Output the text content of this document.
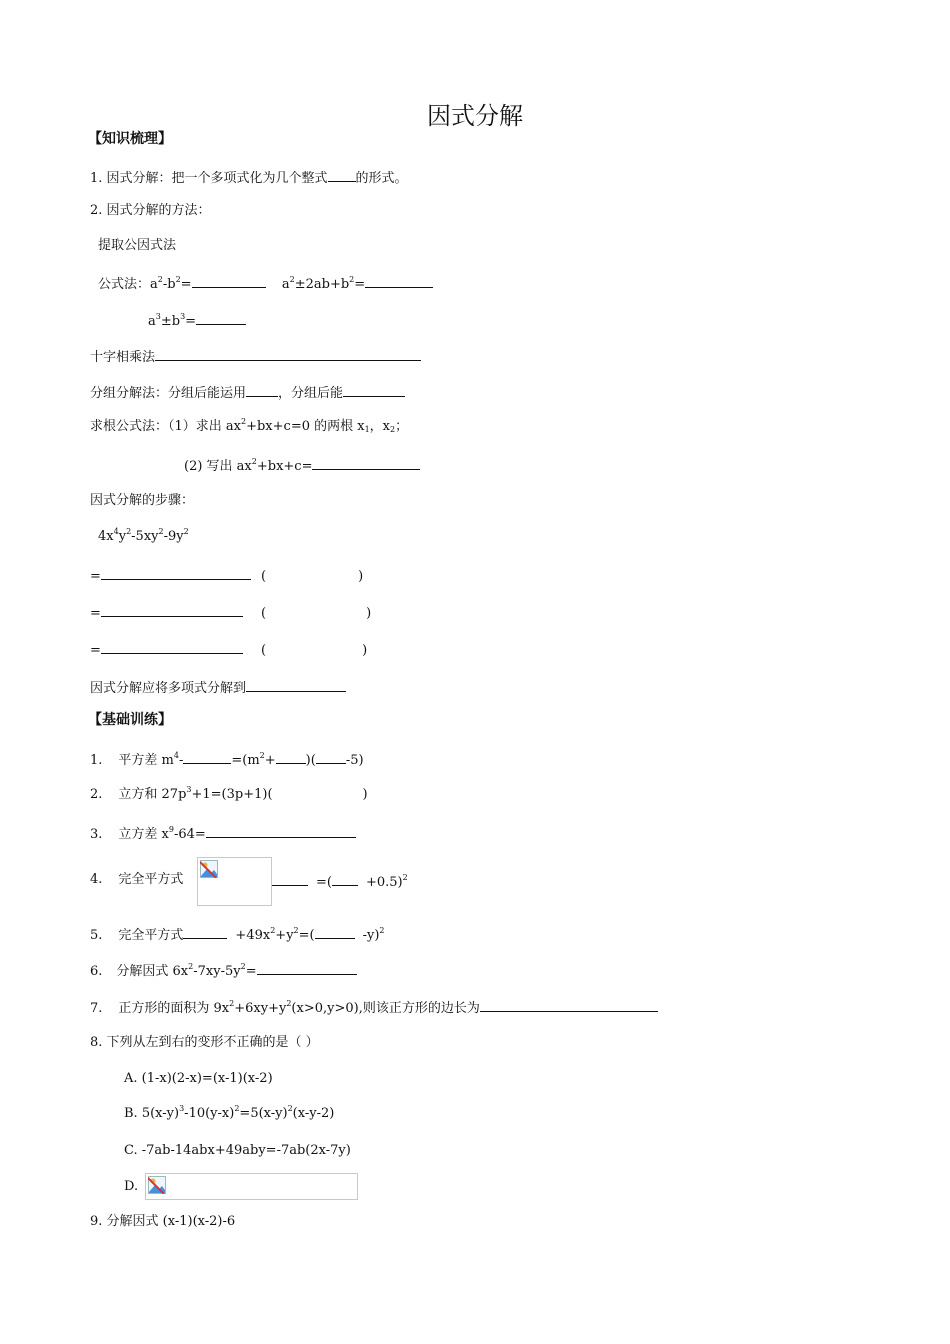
因式分解
【知识梳理】
1. 因式分解：把一个多项式化为几个整式 的形式。
2. 因式分解的方法：
提取公因式法
公式法：$a^2-b^2=$	$a^2\pm 2ab+b^2=$
$a^3\pm b^3=$
十字相乘法
分组分解法：分组后能运用 ，分组后能
求根公式法：（1）求出 $ax^2+bx+c=0$ 的两根 $x_1$，$x_2$；
(2) 写出 $ax^2+bx+c=$
因式分解的步骤：
$4x^4y^2-5xy^2-9y^2$
=	(	)
=	(	)
=	(	)
因式分解应将多项式分解到
【基础训练】
1. 平方差 $m^4-$	$=(m^2+$ )( -5)
2. 立方和 $27p^3+1=(3p+1)$(	)
3. 立方差 $x^9-64=$
4. 完全平方式	=(	+0.5)$^2$
5. 完全平方式	$+49x^2+y^2=$(	-y)$^2$
6. 分解因式 $6x^2-7xy-5y^2=$
7. 正方形的面积为 $9x^2+6xy+y^2(x>0,y>0)$,则该正方形的边长为
8. 下列从左到右的变形不正确的是（ ）
A. (1-x)(2-x)=(x-1)(x-2)
B. $5(x-y)^3-10(y-x)^2=5(x-y)^2(x-y-2)$
C. -7ab-14abx+49aby=-7ab(2x-7y)
D.
9. 分解因式 (x-1)(x-2)-6
